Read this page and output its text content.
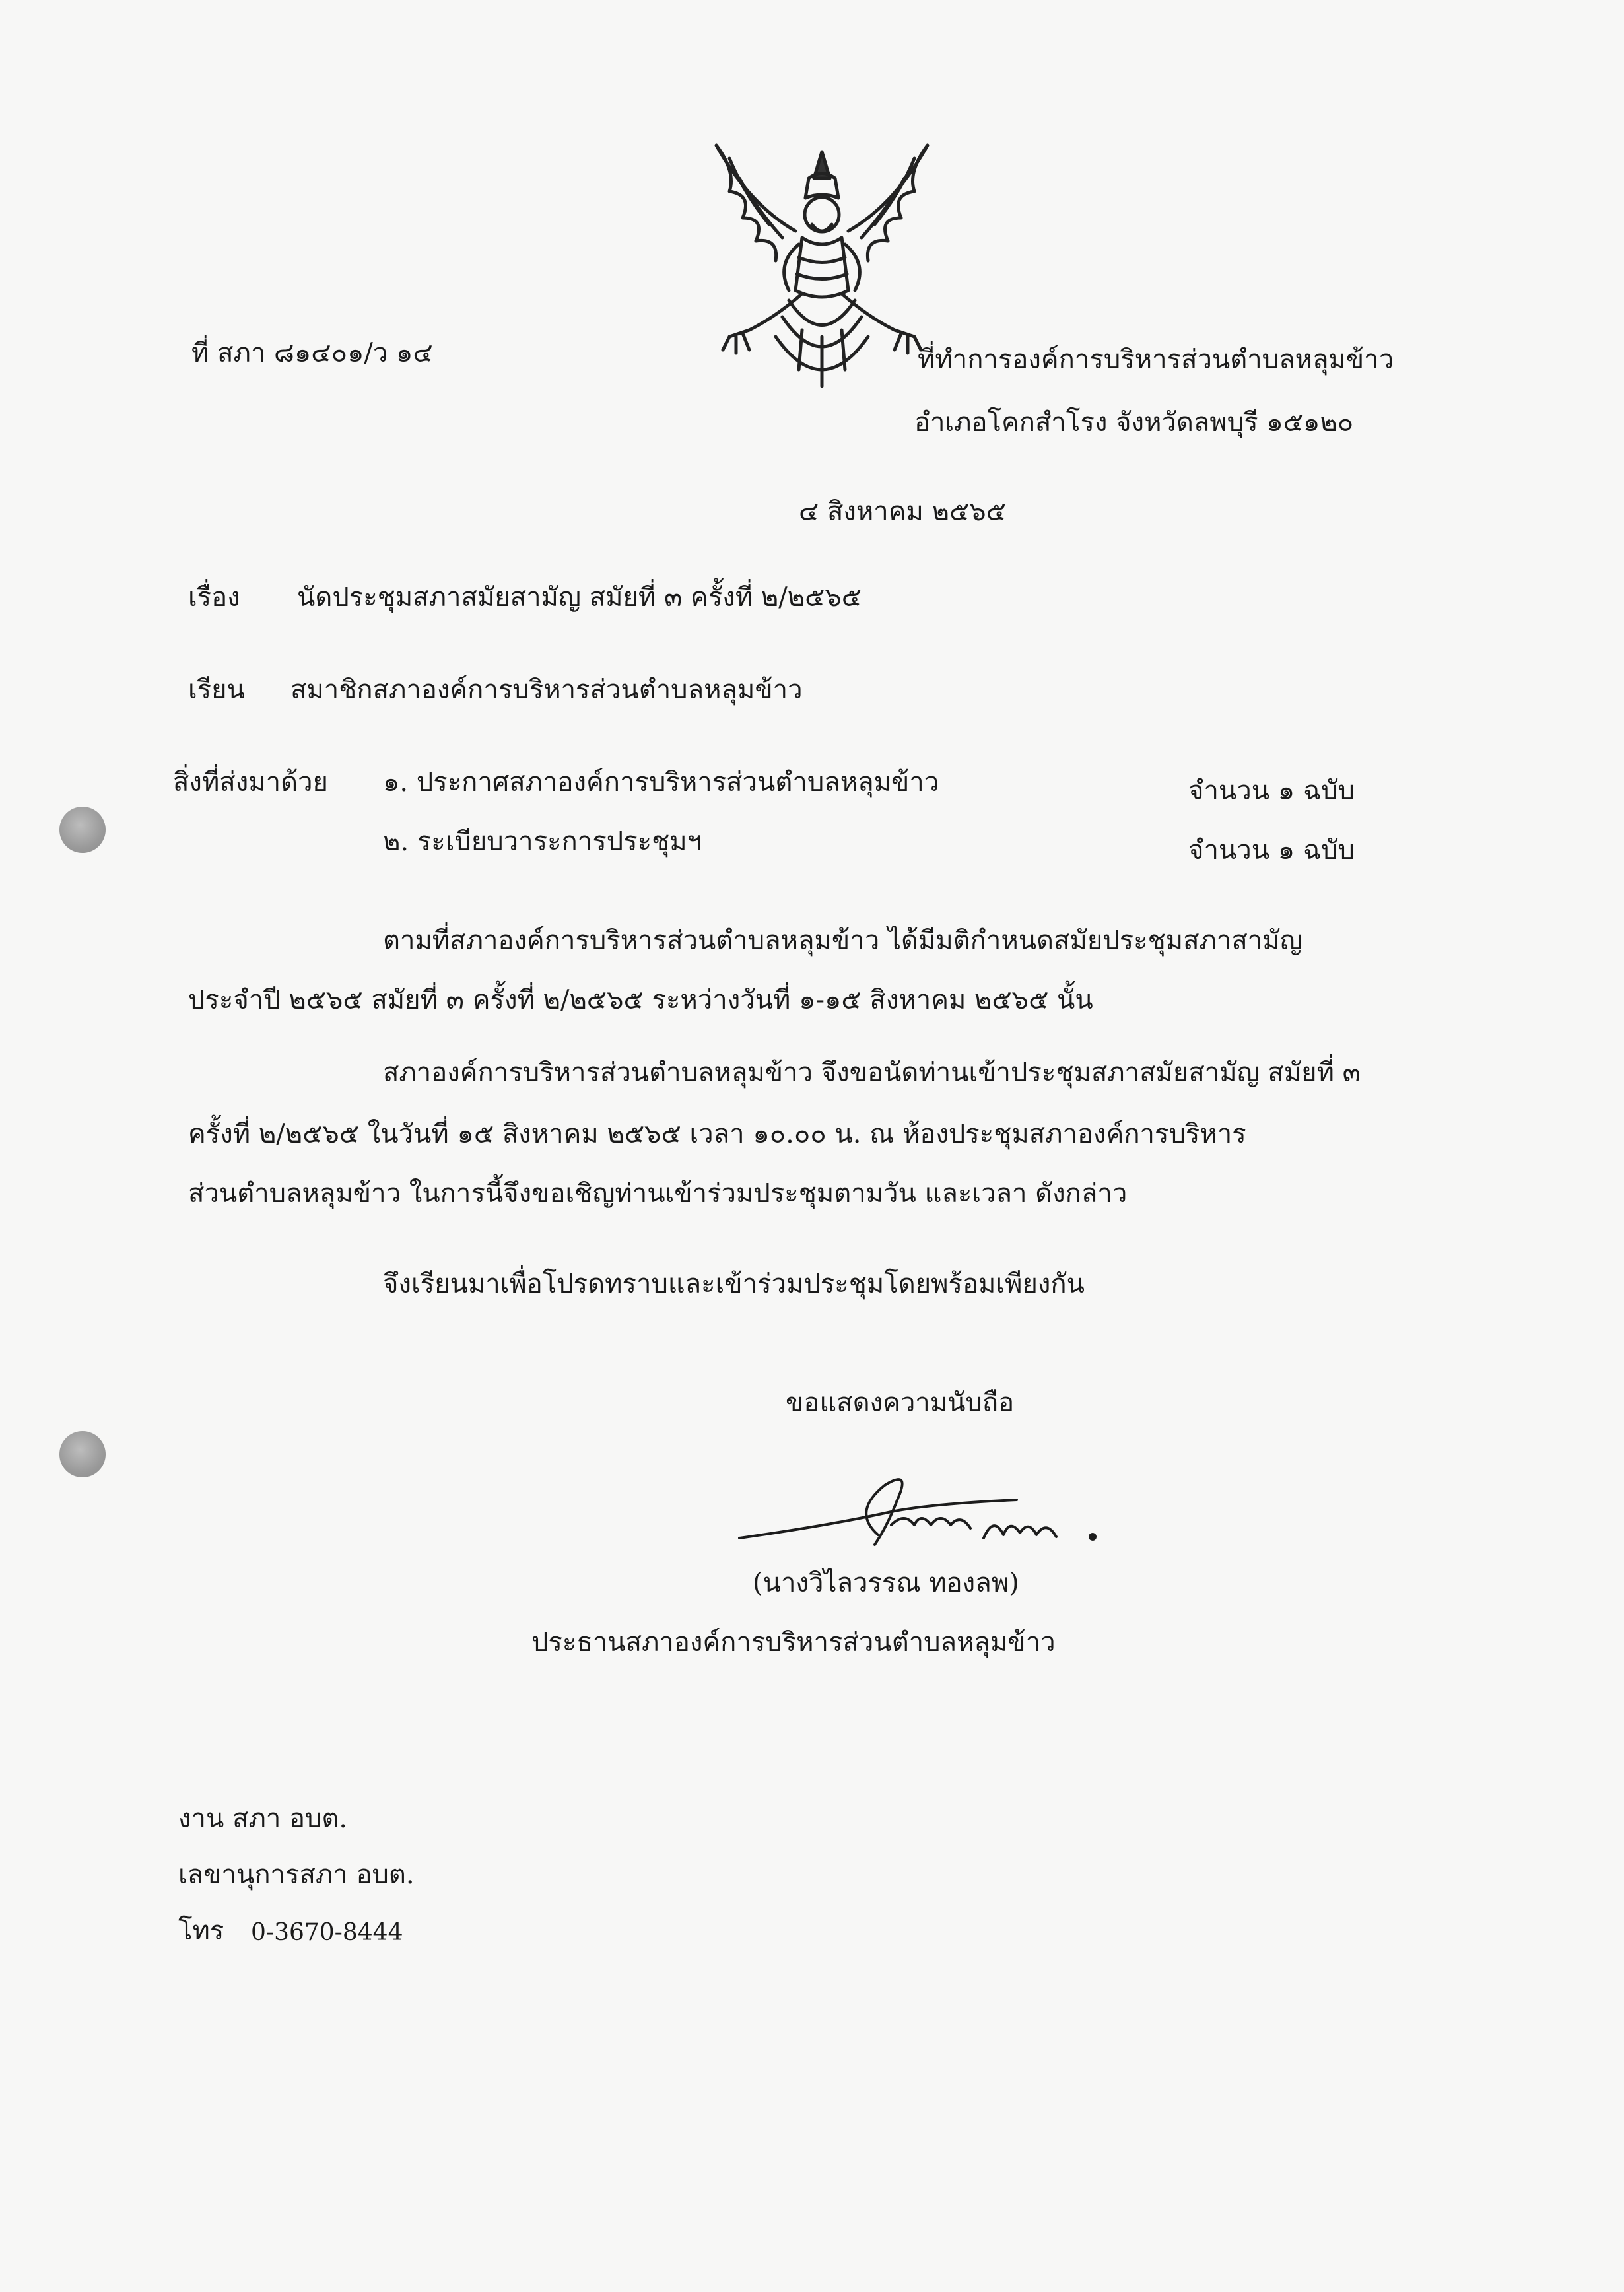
ที่ สภา ๘๑๔๐๑/ว ๑๔	ที่ทำการองค์การบริหารส่วนตำบลหลุมข้าว
อำเภอโคกสำโรง จังหวัดลพบุรี ๑๕๑๒๐
๔ สิงหาคม ๒๕๖๕
เรื่อง นัดประชุมสภาสมัยสามัญ สมัยที่ ๓ ครั้งที่ ๒/๒๕๖๕
เรียน สมาชิกสภาองค์การบริหารส่วนตำบลหลุมข้าว
สิ่งที่ส่งมาด้วย ๑. ประกาศสภาองค์การบริหารส่วนตำบลหลุมข้าว	จำนวน ๑ ฉบับ
๒. ระเบียบวาระการประชุมฯ	จำนวน ๑ ฉบับ
ตามที่สภาองค์การบริหารส่วนตำบลหลุมข้าว ได้มีมติกำหนดสมัยประชุมสภาสามัญ
ประจำปี ๒๕๖๕ สมัยที่ ๓ ครั้งที่ ๒/๒๕๖๕ ระหว่างวันที่ ๑-๑๕ สิงหาคม ๒๕๖๕ นั้น
สภาองค์การบริหารส่วนตำบลหลุมข้าว จึงขอนัดท่านเข้าประชุมสภาสมัยสามัญ สมัยที่ ๓
ครั้งที่ ๒/๒๕๖๕ ในวันที่ ๑๕ สิงหาคม ๒๕๖๕ เวลา ๑๐.๐๐ น. ณ ห้องประชุมสภาองค์การบริหาร
ส่วนตำบลหลุมข้าว ในการนี้จึงขอเชิญท่านเข้าร่วมประชุมตามวัน และเวลา ดังกล่าว
จึงเรียนมาเพื่อโปรดทราบและเข้าร่วมประชุมโดยพร้อมเพียงกัน
ขอแสดงความนับถือ
(นางวิไลวรรณ ทองลพ)
ประธานสภาองค์การบริหารส่วนตำบลหลุมข้าว
งาน สภา อบต.
เลขานุการสภา อบต.
โทร 0-3670-8444
